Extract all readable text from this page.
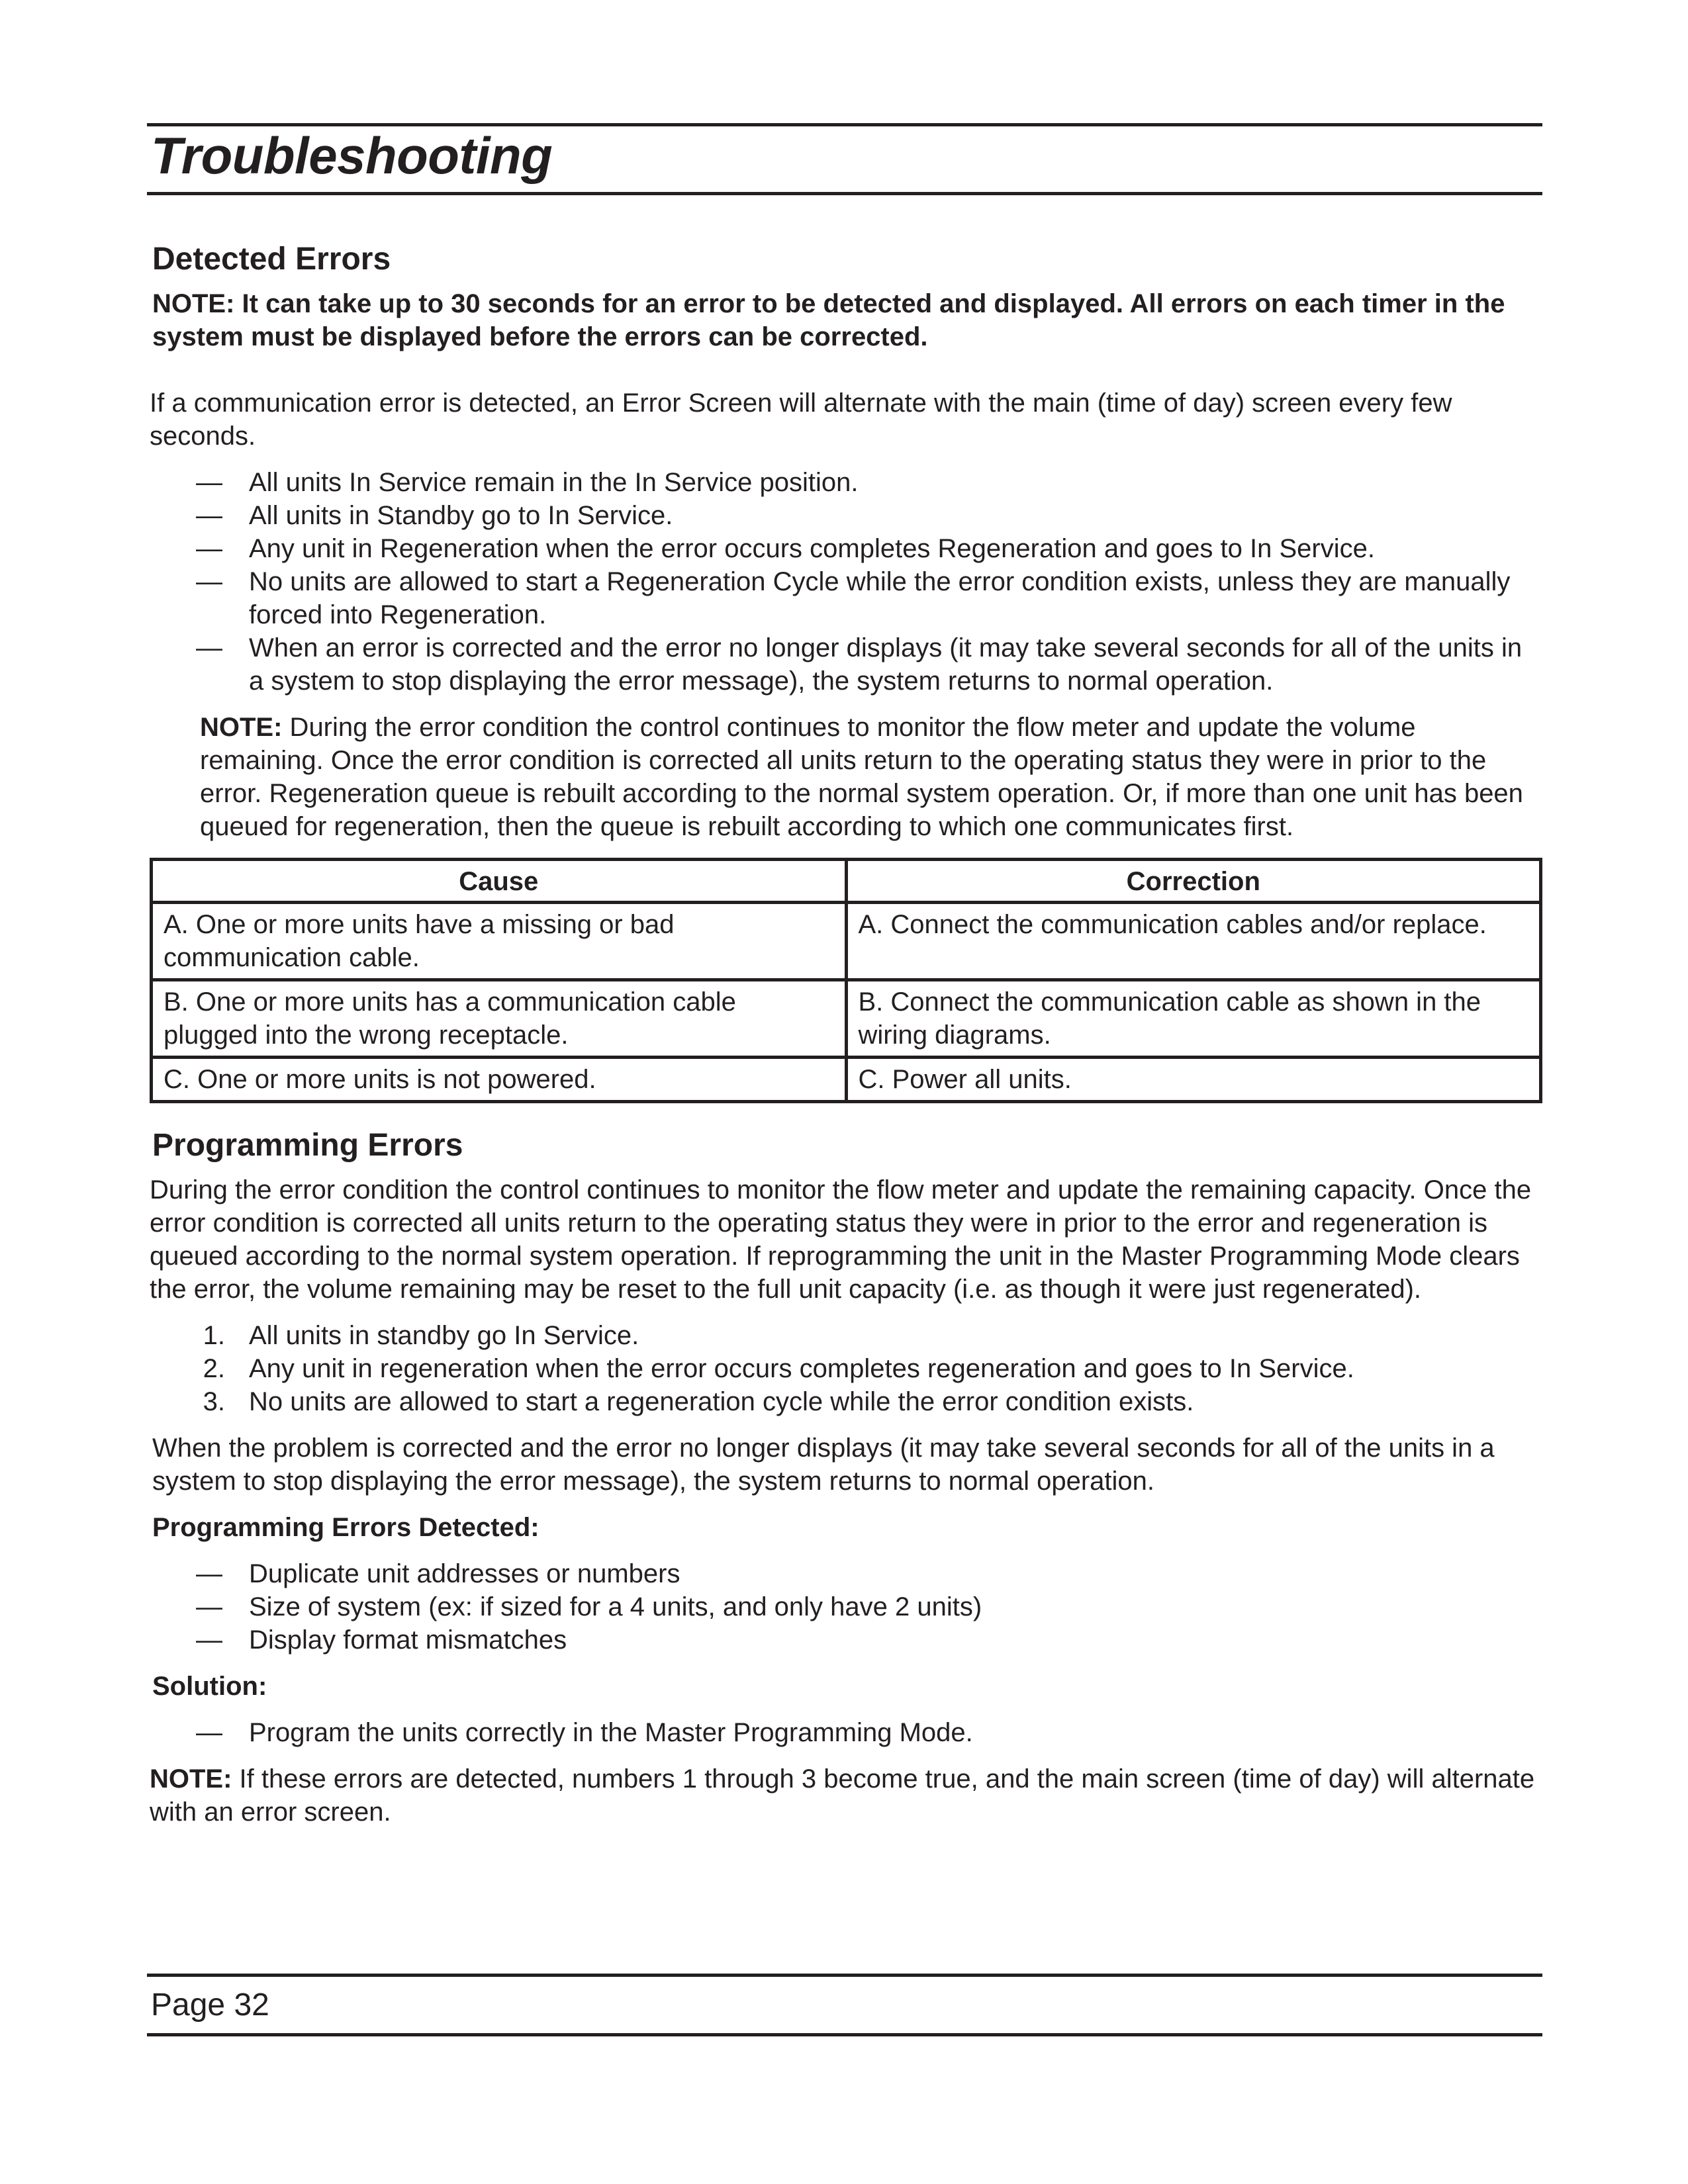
Troubleshooting
Detected Errors

NOTE: It can take up to 30 seconds for an error to be detected and displayed. All errors on each timer in the system must be displayed before the errors can be corrected.

If a communication error is detected, an Error Screen will alternate with the main (time of day) screen every few seconds.

—	All units In Service remain in the In Service position.
—	All units in Standby go to In Service.
—	Any unit in Regeneration when the error occurs completes Regeneration and goes to In Service.
—	No units are allowed to start a Regeneration Cycle while the error condition exists, unless they are manually forced into Regeneration.
—	When an error is corrected and the error no longer displays (it may take several seconds for all of the units in a system to stop displaying the error message), the system returns to normal operation.

NOTE: During the error condition the control continues to monitor the flow meter and update the volume remaining. Once the error condition is corrected all units return to the operating status they were in prior to the error. Regeneration queue is rebuilt according to the normal system operation. Or, if more than one unit has been queued for regeneration, then the queue is rebuilt according to which one communicates first.

Cause	Correction
A. One or more units have a missing or bad communication cable.	A. Connect the communication cables and/or replace.
B. One or more units has a communication cable plugged into the wrong receptacle.	B. Connect the communication cable as shown in the wiring diagrams.
C. One or more units is not powered.	C. Power all units.
Programming Errors

During the error condition the control continues to monitor the flow meter and update the remaining capacity. Once the error condition is corrected all units return to the operating status they were in prior to the error and regeneration is queued according to the normal system operation. If reprogramming the unit in the Master Programming Mode clears the error, the volume remaining may be reset to the full unit capacity (i.e. as though it were just regenerated).

1. All units in standby go In Service.
2. Any unit in regeneration when the error occurs completes regeneration and goes to In Service.
3. No units are allowed to start a regeneration cycle while the error condition exists.

When the problem is corrected and the error no longer displays (it may take several seconds for all of the units in a system to stop displaying the error message), the system returns to normal operation.

Programming Errors Detected:

—	Duplicate unit addresses or numbers
—	Size of system (ex: if sized for a 4 units, and only have 2 units)
—	Display format mismatches

Solution:

—	Program the units correctly in the Master Programming Mode.

NOTE: If these errors are detected, numbers 1 through 3 become true, and the main screen (time of day) will alternate with an error screen.

Page 32
